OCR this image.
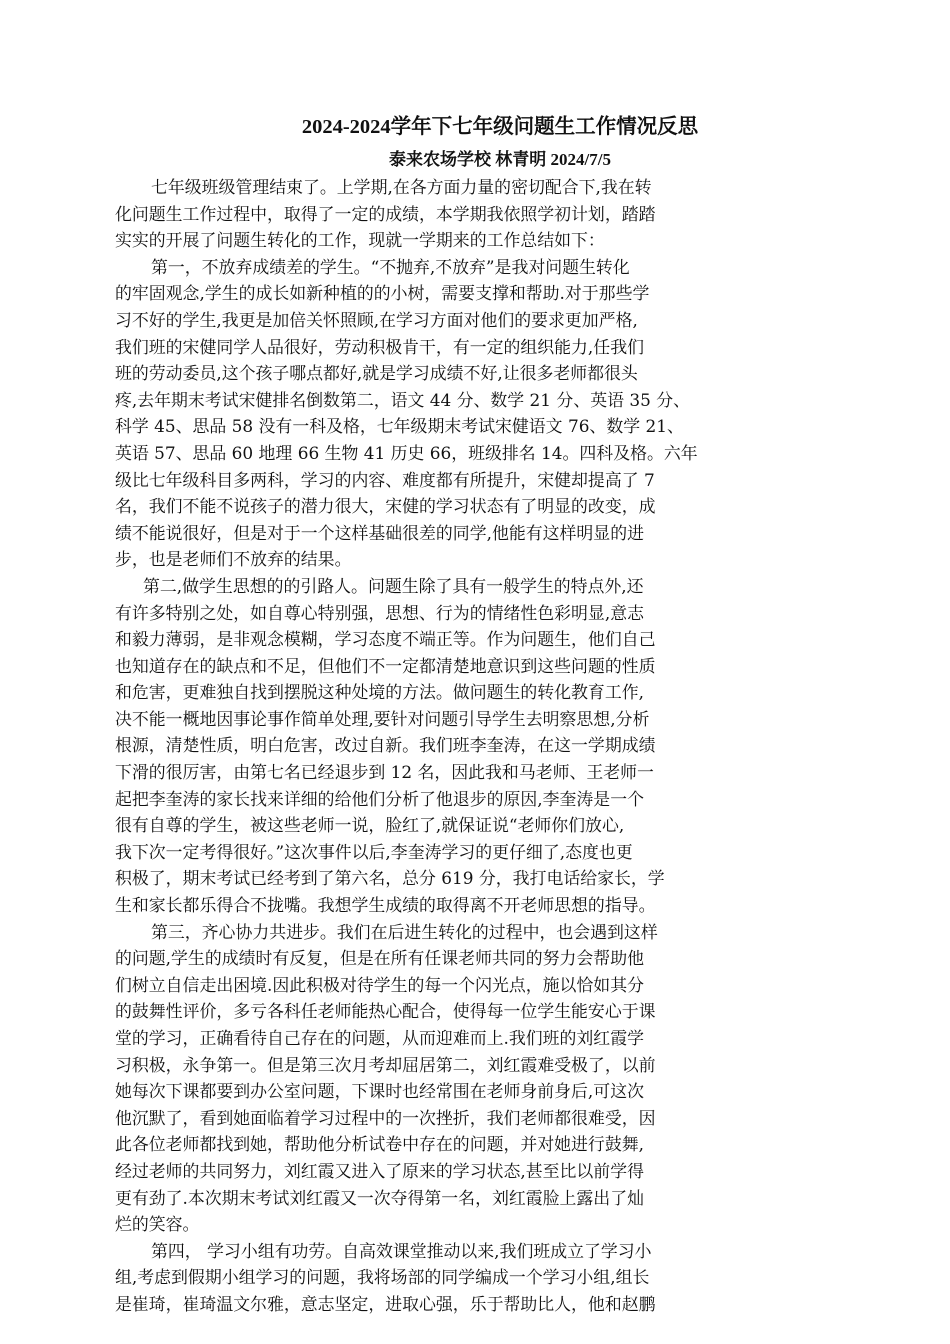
2024-2024学年下七年级问题生工作情况反思
泰来农场学校 林青明 2024/7/5

七年级班级管理结束了。上学期,在各方面力量的密切配合下,我在转
化问题生工作过程中，取得了一定的成绩，本学期我依照学初计划，踏踏
实实的开展了问题生转化的工作，现就一学期来的工作总结如下：

第一，不放弃成绩差的学生。“不抛弃,不放弃”是我对问题生转化
的牢固观念,学生的成长如新种植的的小树，需要支撑和帮助.对于那些学
习不好的学生,我更是加倍关怀照顾,在学习方面对他们的要求更加严格,
我们班的宋健同学人品很好，劳动积极肯干，有一定的组织能力,任我们
班的劳动委员,这个孩子哪点都好,就是学习成绩不好,让很多老师都很头
疼,去年期末考试宋健排名倒数第二，语文 44 分、数学 21 分、英语 35 分、
科学 45、思品 58 没有一科及格，七年级期末考试宋健语文 76、数学 21、
英语 57、思品 60 地理 66 生物 41 历史 66，班级排名 14。四科及格。六年
级比七年级科目多两科，学习的内容、难度都有所提升，宋健却提高了 7
名，我们不能不说孩子的潜力很大，宋健的学习状态有了明显的改变，成
绩不能说很好，但是对于一个这样基础很差的同学,他能有这样明显的进
步，也是老师们不放弃的结果。

第二,做学生思想的的引路人。问题生除了具有一般学生的特点外,还
有许多特别之处，如自尊心特别强，思想、行为的情绪性色彩明显,意志
和毅力薄弱，是非观念模糊，学习态度不端正等。作为问题生，他们自己
也知道存在的缺点和不足，但他们不一定都清楚地意识到这些问题的性质
和危害，更难独自找到摆脱这种处境的方法。做问题生的转化教育工作,
决不能一概地因事论事作简单处理,要针对问题引导学生去明察思想,分析
根源，清楚性质，明白危害，改过自新。我们班李奎涛，在这一学期成绩
下滑的很厉害，由第七名已经退步到 12 名，因此我和马老师、王老师一
起把李奎涛的家长找来详细的给他们分析了他退步的原因,李奎涛是一个
很有自尊的学生，被这些老师一说，脸红了,就保证说“老师你们放心,
我下次一定考得很好。”这次事件以后,李奎涛学习的更仔细了,态度也更
积极了，期末考试已经考到了第六名，总分 619 分，我打电话给家长，学
生和家长都乐得合不拢嘴。我想学生成绩的取得离不开老师思想的指导。

第三，齐心协力共进步。我们在后进生转化的过程中，也会遇到这样
的问题,学生的成绩时有反复，但是在所有任课老师共同的努力会帮助他
们树立自信走出困境.因此积极对待学生的每一个闪光点，施以恰如其分
的鼓舞性评价，多亏各科任老师能热心配合，使得每一位学生能安心于课
堂的学习，正确看待自己存在的问题，从而迎难而上.我们班的刘红霞学
习积极，永争第一。但是第三次月考却屈居第二，刘红霞难受极了，以前
她每次下课都要到办公室问题，下课时也经常围在老师身前身后,可这次
他沉默了，看到她面临着学习过程中的一次挫折，我们老师都很难受，因
此各位老师都找到她，帮助他分析试卷中存在的问题，并对她进行鼓舞,
经过老师的共同努力，刘红霞又进入了原来的学习状态,甚至比以前学得
更有劲了.本次期末考试刘红霞又一次夺得第一名，刘红霞脸上露出了灿
烂的笑容。

第四， 学习小组有功劳。自高效课堂推动以来,我们班成立了学习小
组,考虑到假期小组学习的问题，我将场部的同学编成一个学习小组,组长
是崔琦，崔琦温文尔雅，意志坚定，进取心强，乐于帮助比人，他和赵鹏
